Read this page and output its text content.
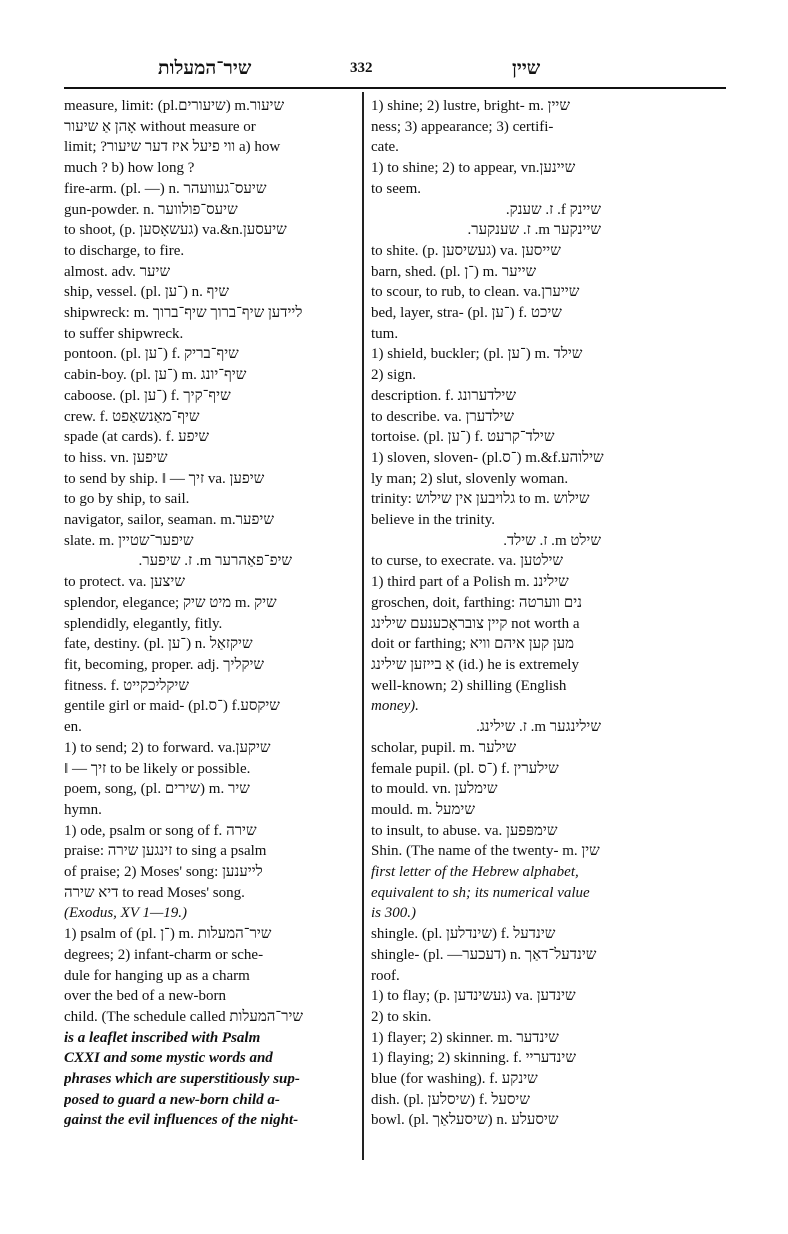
שיר־המעלות	332	שיין
measure, limit: (pl.שיעורים) m.שיעור
אָהן אַ שיעור without measure or
limit; ?ווי פיעל איז דער שיעור a) how
much ? b) how long ?
fire-arm. (pl. —) n. שיעס־געוועהר
gun-powder. n. שיעס־פולווער
to shoot, (p. געשאָסען) va.&n.שיעסען
to discharge, to fire.
almost. adv. שיער
ship, vessel. (pl. ־ען) n. שיף
shipwreck: m. ליידען שיף־ברוך שיף־ברוך
to suffer shipwreck.
pontoon. (pl. ־ען) f. שיף־בריק
cabin-boy. (pl. ־ען) m. שיף־יונג
caboose. (pl. ־ען) f. שיף־קיך
crew. f. שיף־מאַנשאַפט
spade (at cards). f. שיפע
to hiss. vn. שיפען
to send by ship. ‖ — זיך va. שיפען
to go by ship, to sail.
navigator, sailor, seaman. m.שיפער
slate. m. שיפער־שטיין
שיפ־פאַהרער m. ז. שיפער.
to protect. va. שיצען
splendor, elegance; מיט שיק m. שיק
splendidly, elegantly, fitly.
fate, destiny. (pl. ־ען) n. שיקזאַל
fit, becoming, proper. adj. שיקליך
fitness. f. שיקליכקייט
gentile girl or maid- (pl.־ס) f.שיקסע
en.
1) to send; 2) to forward. va.שיקען
‖ — זיך to be likely or possible.
poem, song, (pl. שירים) m. שיר
hymn.
1) ode, psalm or song of f. שירה
praise: זינגען שירה to sing a psalm
of praise; 2) Moses' song: לייענען
דיא שירה to read Moses' song.
(Exodus, XV 1—19.)
1) psalm of (pl. ־ן) m. שיר־המעלות
degrees; 2) infant-charm or sche-
dule for hanging up as a charm
over the bed of a new-born
child. (The schedule called שיר־המעלות
is a leaflet inscribed with Psalm
CXXI and some mystic words and
phrases which are superstitiously sup-
posed to guard a new-born child a-
gainst the evil influences of the night-
1) shine; 2) lustre, bright- m. שיין
ness; 3) appearance; 3) certifi-
cate.
1) to shine; 2) to appear, vn.שיינען
to seem.
שיינק f. ז. שענק.
שיינקער m. ז. שענקער.
to shite. (p. געשיסען) va. שייסען
barn, shed. (pl. ־ן) m. שייער
to scour, to rub, to clean. va.שייערן
bed, layer, stra- (pl. ־ען) f. שיכט
tum.
1) shield, buckler; (pl. ־ען) m. שילד
2) sign.
description. f. שילדערונג
to describe. va. שילדערן
tortoise. (pl. ־ען) f. שילד־קרעט
1) sloven, sloven- (pl.־ס) m.&f.שילוהע
ly man; 2) slut, slovenly woman.
trinity: גלויבען אין שילוש to m. שילוש
believe in the trinity.
שילט m. ז. שילד.
to curse, to execrate. va. שילטען
1) third part of a Polish m. שיליננ
groschen, doit, farthing: נים ווערטה
קיין צובראָכענעם שילינג not worth a
doit or farthing; מען קען איהם וויא
אַ בייזען שילינג (id.) he is extremely
well-known; 2) shilling (English
money).
שילינגער m. ז. שילינג.
scholar, pupil. m. שילער
female pupil. (pl. ־ס) f. שילערין
to mould. vn. שימלען
mould. m. שימעל
to insult, to abuse. va. שימפּפען
Shin. (The name of the twenty- m. שין
first letter of the Hebrew alphabet,
equivalent to sh; its numerical value
is 300.)
shingle. (pl. שינדלען) f. שינדעל
shingle- (pl. —דעכער) n. שינדעל־דאַך
roof.
1) to flay; (p. געשינדען) va. שינדען
2) to skin.
1) flayer; 2) skinner. m. שינדער
1) flaying; 2) skinning. f. שינדעריי
blue (for washing). f. שינקע
dish. (pl. שיסלען) f. שיסעל
bowl. (pl. שיסעלאַך) n. שיסעלע
